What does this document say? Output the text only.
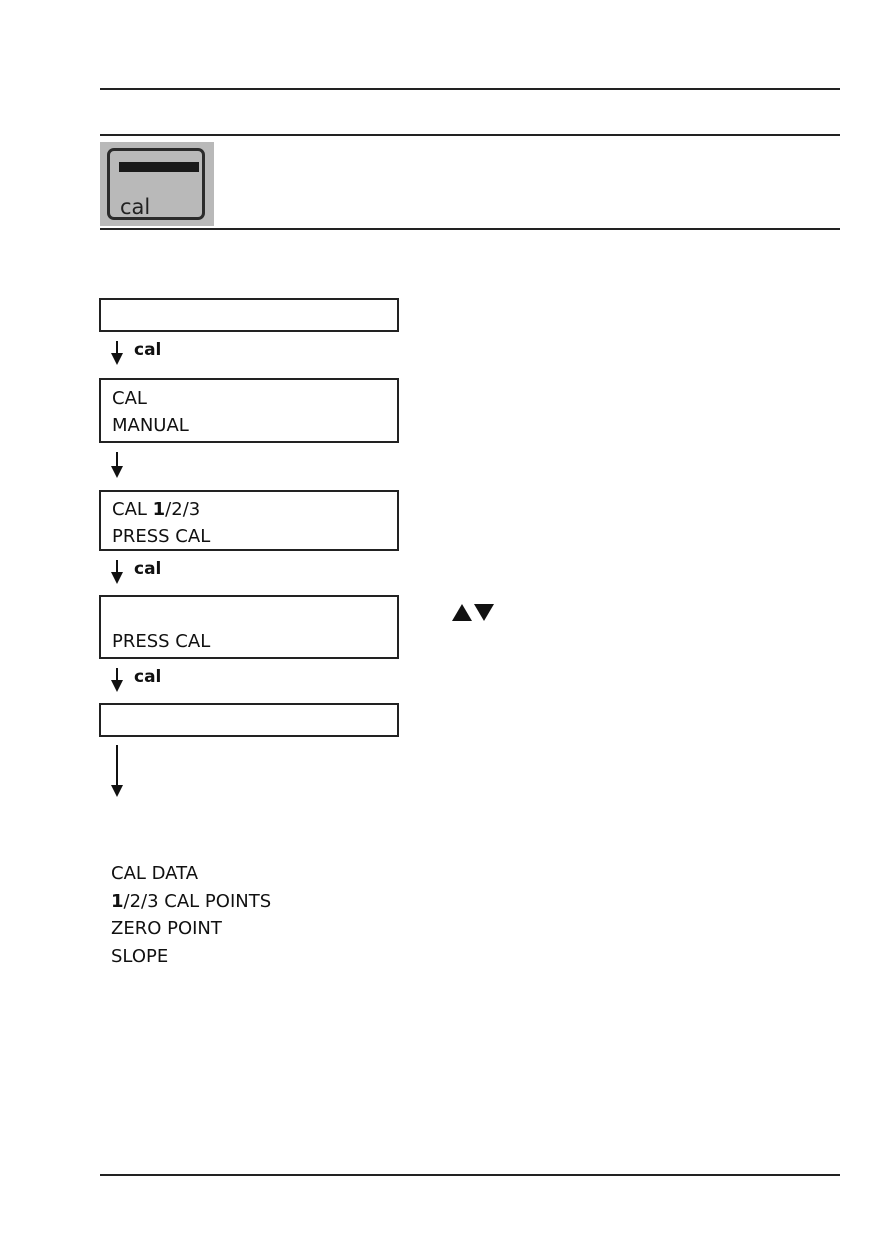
cal
cal
CAL
MANUAL
CAL 1/2/3
PRESS CAL
cal
PRESS CAL
cal
CAL DATA
1/2/3 CAL POINTS
ZERO POINT
SLOPE
